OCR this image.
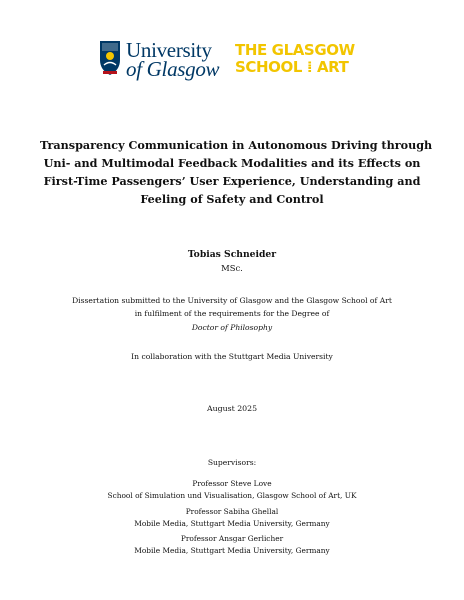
University
of Glasgow
THE GLASGOW
SCHOOL ⁞ ART
Transparency Communication in Autonomous Driving through
Uni- and Multimodal Feedback Modalities and its Effects on
First-Time Passengers’ User Experience, Understanding and
Feeling of Safety and Control
Tobias Schneider
MSc.
Dissertation submitted to the University of Glasgow and the Glasgow School of Art
in fulfilment of the requirements for the Degree of
Doctor of Philosophy
In collaboration with the Stuttgart Media University
August 2025
Supervisors:
Professor Steve Love
School of Simulation und Visualisation, Glasgow School of Art, UK
Professor Sabiha Ghellal
Mobile Media, Stuttgart Media University, Germany
Professor Ansgar Gerlicher
Mobile Media, Stuttgart Media University, Germany
